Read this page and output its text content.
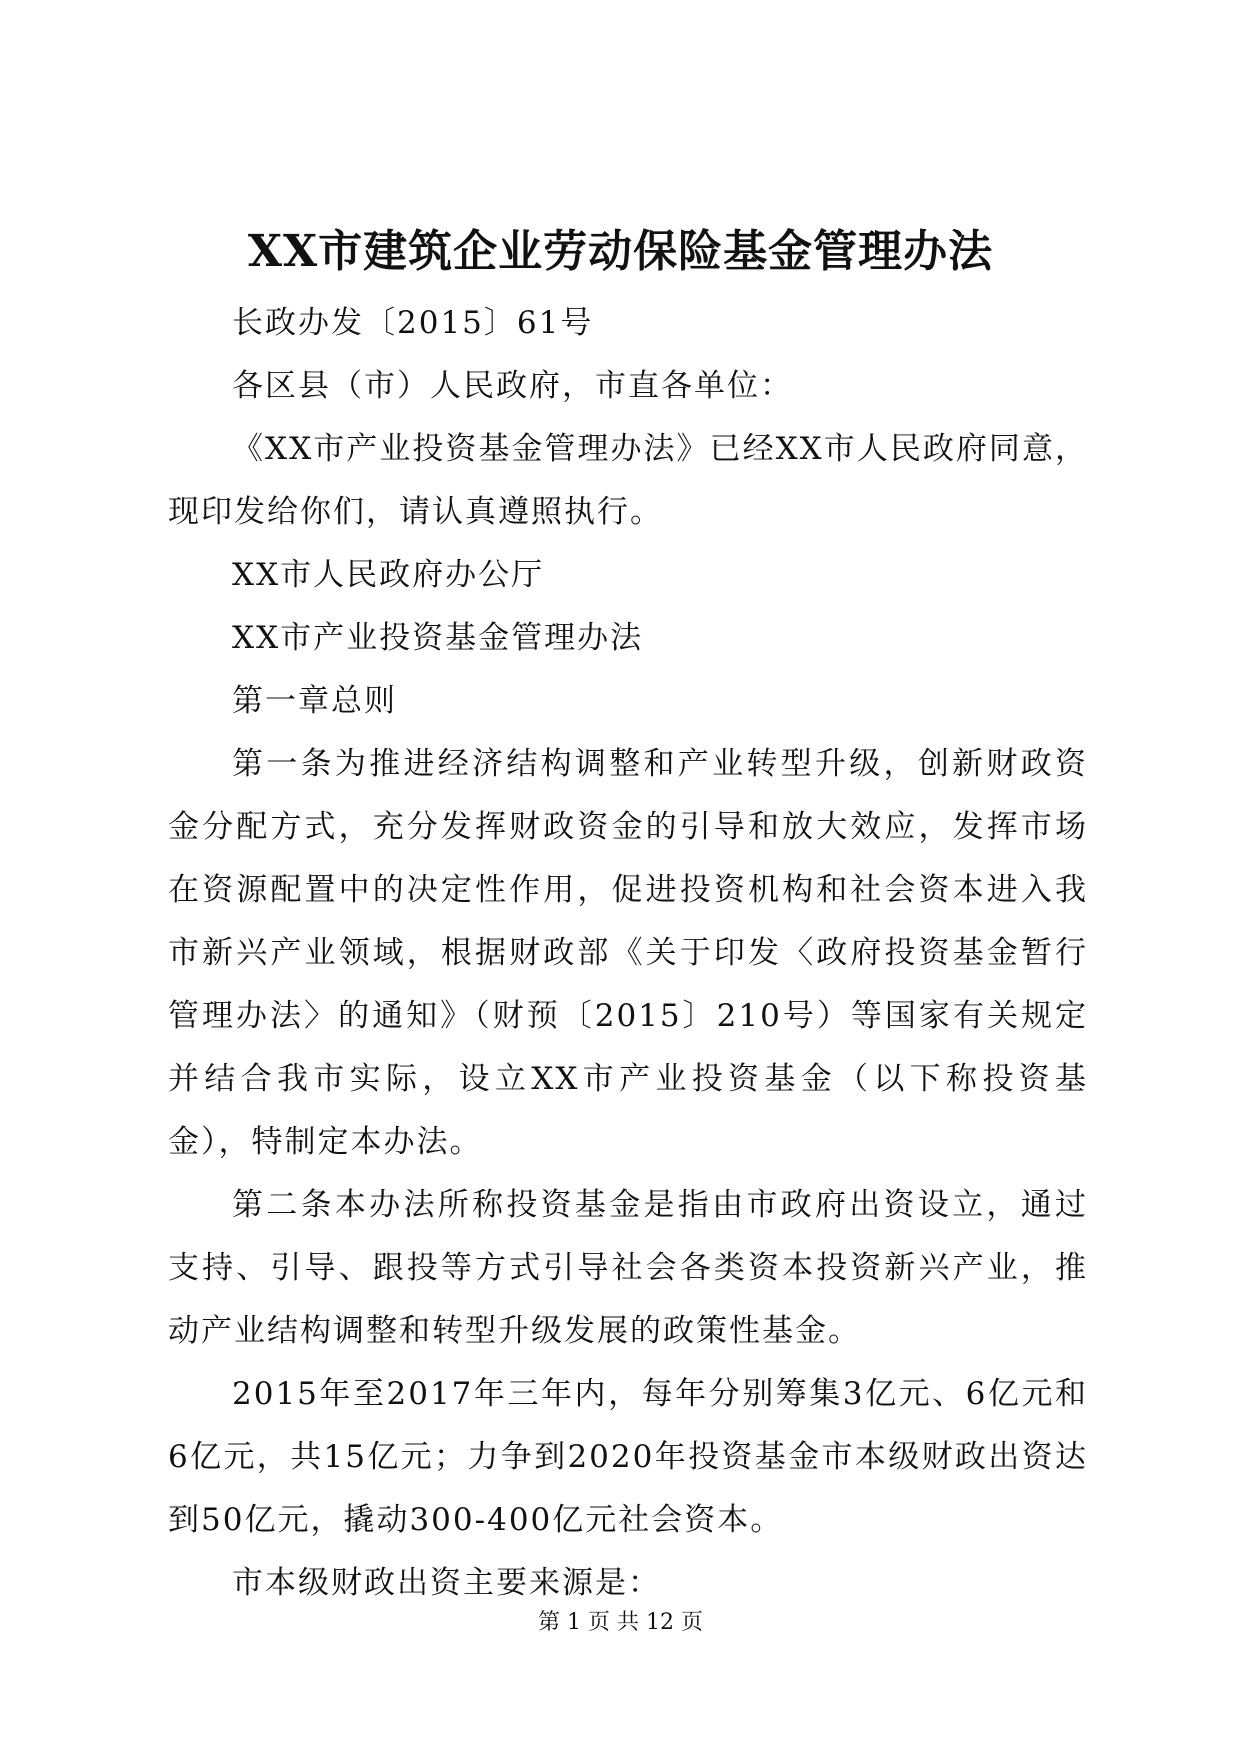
XX市建筑企业劳动保险基金管理办法

长政办发〔2015〕61号

各区县（市）人民政府，市直各单位：

《XX市产业投资基金管理办法》已经XX市人民政府同意，现印发给你们，请认真遵照执行。

XX市人民政府办公厅

XX市产业投资基金管理办法

第一章总则

第一条为推进经济结构调整和产业转型升级，创新财政资金分配方式，充分发挥财政资金的引导和放大效应，发挥市场在资源配置中的决定性作用，促进投资机构和社会资本进入我市新兴产业领域，根据财政部《关于印发〈政府投资基金暂行管理办法〉的通知》（财预〔2015〕210号）等国家有关规定并结合我市实际，设立XX市产业投资基金（以下称投资基金），特制定本办法。

第二条本办法所称投资基金是指由市政府出资设立，通过支持、引导、跟投等方式引导社会各类资本投资新兴产业，推动产业结构调整和转型升级发展的政策性基金。

2015年至2017年三年内，每年分别筹集3亿元、6亿元和6亿元，共15亿元；力争到2020年投资基金市本级财政出资达到50亿元，撬动300-400亿元社会资本。

市本级财政出资主要来源是：

第 1 页 共 12 页
